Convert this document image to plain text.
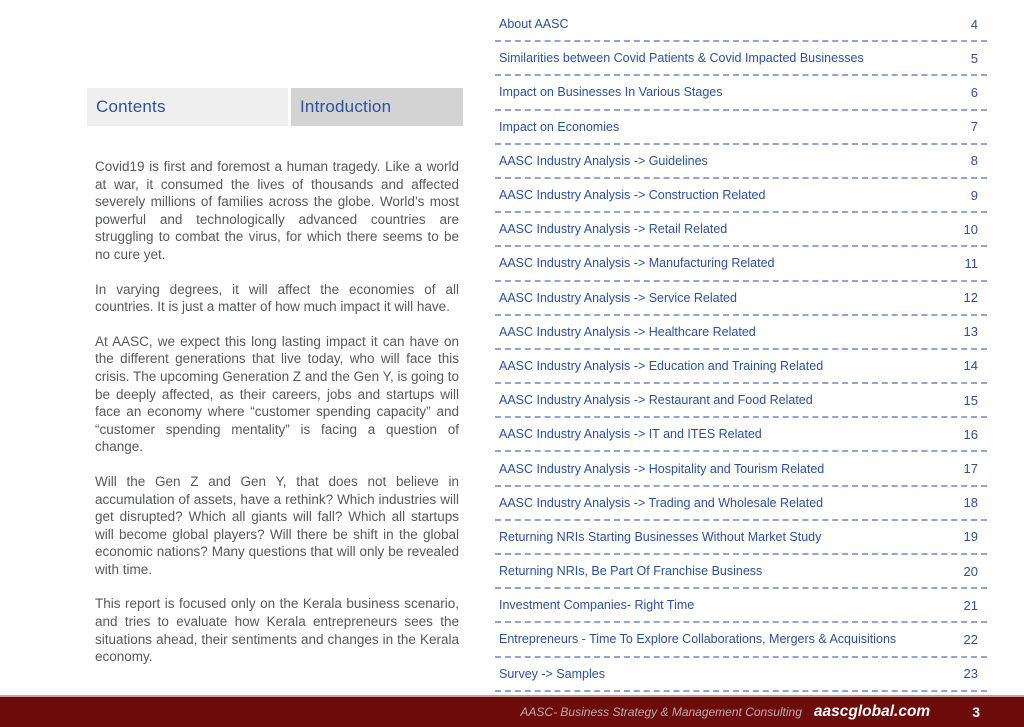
Contents	Introduction

Covid19 is first and foremost a human tragedy. Like a world at war, it consumed the lives of thousands and affected severely millions of families across the globe. World’s most powerful and technologically advanced countries are struggling to combat the virus, for which there seems to be no cure yet.

In varying degrees, it will affect the economies of all countries. It is just a matter of how much impact it will have.

At AASC, we expect this long lasting impact it can have on the different generations that live today, who will face this crisis. The upcoming Generation Z and the Gen Y, is going to be deeply affected, as their careers, jobs and startups will face an economy where “customer spending capacity” and “customer spending mentality” is facing a question of change.

Will the Gen Z and Gen Y, that does not believe in accumulation of assets, have a rethink? Which industries will get disrupted? Which all giants will fall? Which all startups will become global players? Will there be shift in the global economic nations? Many questions that will only be revealed with time.

This report is focused only on the Kerala business scenario, and tries to evaluate how Kerala entrepreneurs sees the situations ahead, their sentiments and changes in the Kerala economy.

About AASC	4
Similarities between Covid Patients & Covid Impacted Businesses	5
Impact on Businesses In Various Stages	6
Impact on Economies	7
AASC Industry Analysis -> Guidelines	8
AASC Industry Analysis -> Construction Related	9
AASC Industry Analysis -> Retail Related	10
AASC Industry Analysis -> Manufacturing Related	11
AASC Industry Analysis -> Service Related	12
AASC Industry Analysis -> Healthcare Related	13
AASC Industry Analysis -> Education and Training Related	14
AASC Industry Analysis -> Restaurant and Food Related	15
AASC Industry Analysis -> IT and ITES Related	16
AASC Industry Analysis -> Hospitality and Tourism Related	17
AASC Industry Analysis -> Trading and Wholesale Related	18
Returning NRIs Starting Businesses Without Market Study	19
Returning NRIs, Be Part Of Franchise Business	20
Investment Companies- Right Time	21
Entrepreneurs - Time To Explore Collaborations, Mergers & Acquisitions	22
Survey -> Samples	23
AASC- Business Strategy & Management Consulting aascglobal.com	3
